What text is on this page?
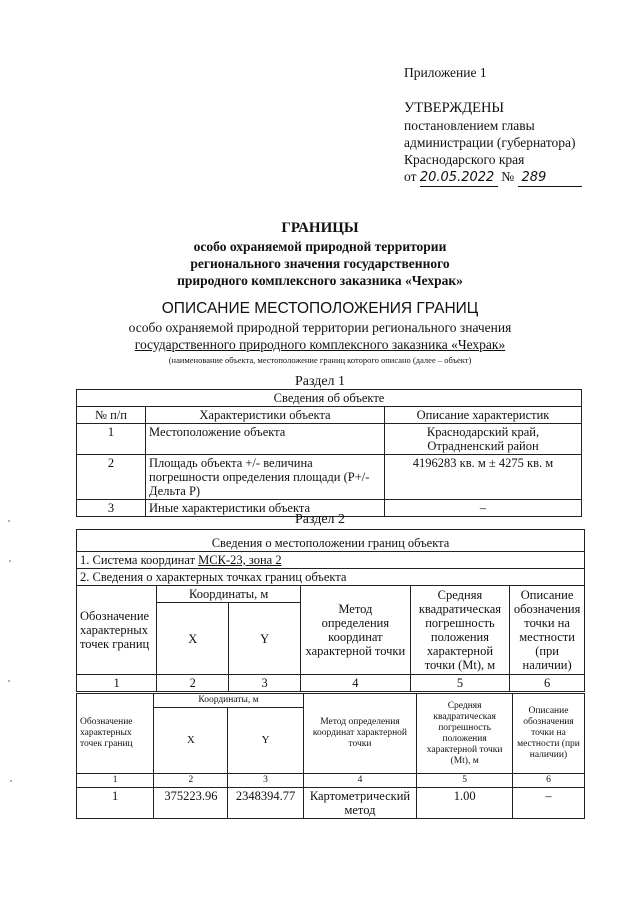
Приложение 1
УТВЕРЖДЕНЫ
постановлением главы
администрации (губернатора)
Краснодарского края
от 20.05.2022 № 289
ГРАНИЦЫ
особо охраняемой природной территории
регионального значения государственного
природного комплексного заказника «Чехрак»
ОПИСАНИЕ МЕСТОПОЛОЖЕНИЯ ГРАНИЦ
особо охраняемой природной территории регионального значения
государственного природного комплексного заказника «Чехрак»
(наименование объекта, местоположение границ которого описано (далее – объект)
Раздел 1
Сведения об объекте		
№ п/п	Характеристики объекта	Описание характеристик
1	Местоположение объекта	Краснодарский край, Отрадненский район
2	Площадь объекта +/- величина погрешности определения площади (P+/- Дельта P)	4196283 кв. м ± 4275 кв. м
3	Иные характеристики объекта	–
Раздел 2
Сведения о местоположении границ объекта					
1. Система координат МСК-23, зона 2					
2. Сведения о характерных точках границ объекта					
Обозначение характерных точек границ	Координаты, м		Метод определения координат характерной точки	Средняя квадратическая погрешность положения характерной точки (Mt), м	Описание обозначения точки на местности (при наличии)
	X	Y			
1	2	3	4	5	6
Обозначение характерных точек границ	Координаты, м		Метод определения координат характерной точки	Средняя квадратическая погрешность положения характерной точки (Mt), м	Описание обозначения точки на местности (при наличии)
	X	Y			
1	2	3	4	5	6
1	375223.96	2348394.77	Картометрический метод	1.00	–
